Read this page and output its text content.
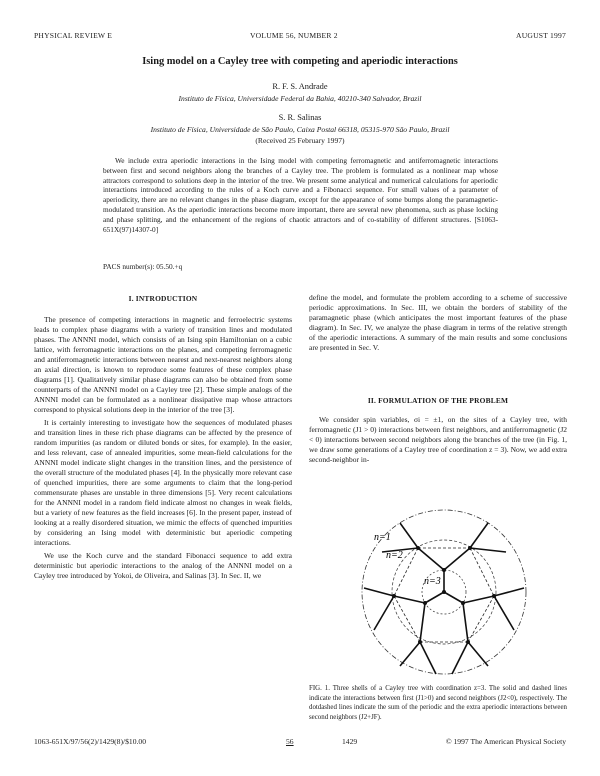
PHYSICAL REVIEW E	VOLUME 56, NUMBER 2	AUGUST 1997
Ising model on a Cayley tree with competing and aperiodic interactions
R. F. S. Andrade
Instituto de Física, Universidade Federal da Bahia, 40210-340 Salvador, Brazil
S. R. Salinas
Instituto de Física, Universidade de São Paulo, Caixa Postal 66318, 05315-970 São Paulo, Brazil
(Received 25 February 1997)
We include extra aperiodic interactions in the Ising model with competing ferromagnetic and antiferromagnetic interactions between first and second neighbors along the branches of a Cayley tree. The problem is formulated as a nonlinear map whose attractors correspond to solutions deep in the interior of the tree. We present some analytical and numerical calculations for aperiodic interactions introduced according to the rules of a Koch curve and a Fibonacci sequence. For small values of a parameter of aperiodicity, there are no relevant changes in the phase diagram, except for the appearance of some bumps along the paramagnetic-modulated transition. As the aperiodic interactions become more important, there are several new phenomena, such as phase locking and phase splitting, and the enhancement of the regions of chaotic attractors and of co-stability of different structures. [S1063-651X(97)14307-0]
PACS number(s): 05.50.+q
I. INTRODUCTION

The presence of competing interactions in magnetic and ferroelectric systems leads to complex phase diagrams with a variety of transition lines and modulated phases. The ANNNI model, which consists of an Ising spin Hamiltonian on a cubic lattice, with ferromagnetic interactions on the planes, and competing ferromagnetic and antiferromagnetic interactions between nearest and next-nearest neighbors along an axial direction, is known to reproduce some features of these complex phase diagrams [1]. Qualitatively similar phase diagrams can also be obtained from some counterparts of the ANNNI model on a Cayley tree [2]. These simple analogs of the ANNNI model can be formulated as a nonlinear dissipative map whose attractors correspond to physical solutions deep in the interior of the tree [3].

It is certainly interesting to investigate how the sequences of modulated phases and transition lines in these rich phase diagrams can be affected by the presence of random impurities (as random or diluted bonds or sites, for example). In the easier, and less relevant, case of annealed impurities, some mean-field calculations for the ANNNI model indicate slight changes in the transition lines, and the persistence of the overall structure of the modulated phases [4]. In the physically more relevant case of quenched impurities, there are some arguments to claim that the long-period commensurate phases are unstable in three dimensions [5]. Very recent calculations for the ANNNI model in a random field indicate almost no changes in weak fields, but a variety of new features as the field increases [6]. In the present paper, instead of looking at a really disordered situation, we mimic the effects of quenched impurities by considering an Ising model with deterministic but aperiodic competing interactions.

We use the Koch curve and the standard Fibonacci sequence to add extra deterministic but aperiodic interactions to the analog of the ANNNI model on a Cayley tree introduced by Yokoi, de Oliveira, and Salinas [3]. In Sec. II, we

define the model, and formulate the problem according to a scheme of successive periodic approximations. In Sec. III, we obtain the borders of stability of the paramagnetic phase (which anticipates the most important features of the phase diagram). In Sec. IV, we analyze the phase diagram in terms of the relative strength of the aperiodic interactions. A summary of the main results and some conclusions are presented in Sec. V.

II. FORMULATION OF THE PROBLEM

We consider spin variables, σi = ±1, on the sites of a Cayley tree, with ferromagnetic (J1 > 0) interactions between first neighbors, and antiferromagnetic (J2 < 0) interactions between second neighbors along the branches of the tree (in Fig. 1, we draw some generations of a Cayley tree of coordination z = 3). Now, we add extra second-neighbor in-

n=1
n=2
n=3
FIG. 1. Three shells of a Cayley tree with coordination z=3. The solid and dashed lines indicate the interactions between first (J1>0) and second neighbors (J2<0), respectively. The dotdashed lines indicate the sum of the periodic and the extra aperiodic interactions between second neighbors (J2+JF).
1063-651X/97/56(2)/1429(8)/$10.00	56	1429	© 1997 The American Physical Society
